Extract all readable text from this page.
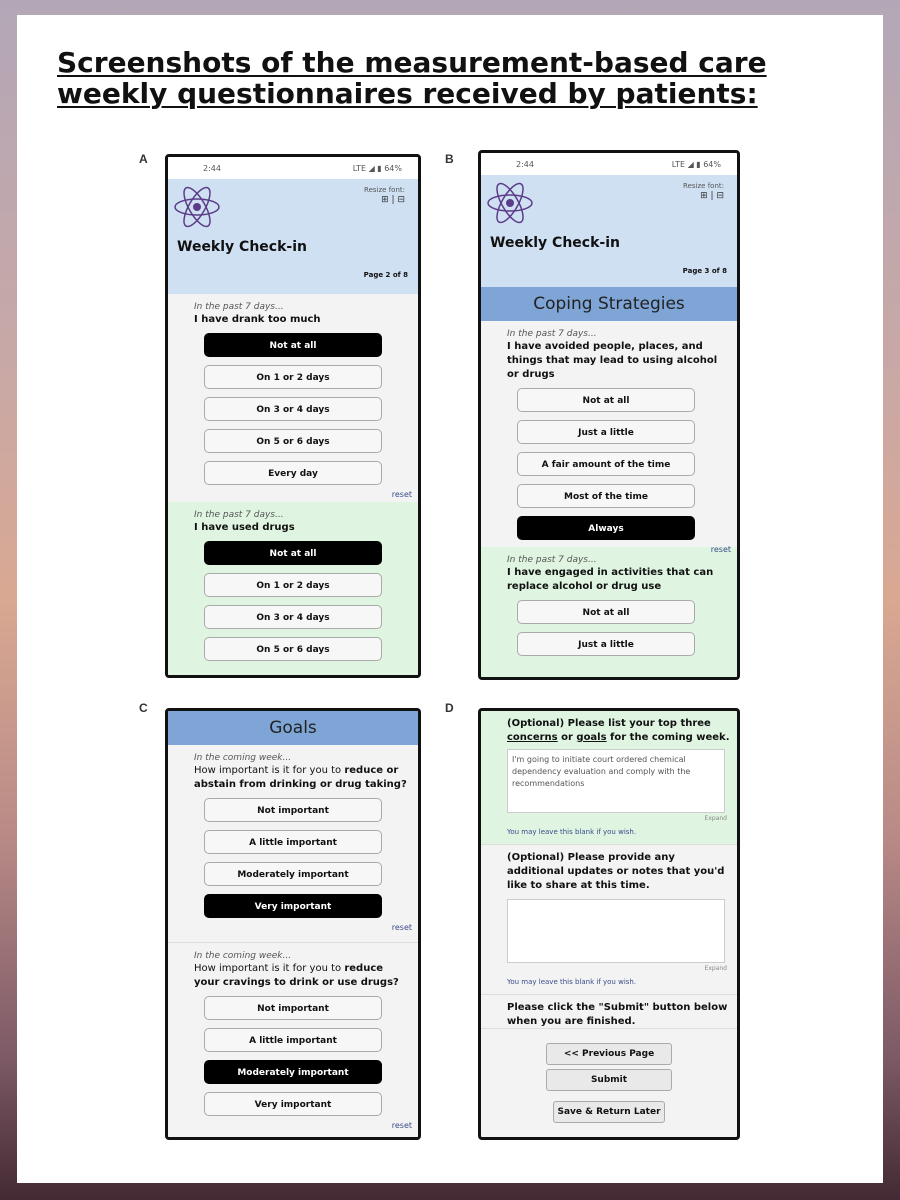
Screenshots of the measurement-based care weekly questionnaires received by patients:
A	B
C	D
2:44	LTE ◢ ▮ 64%
Resize font:
⊞ | ⊟
Weekly Check-in
Page 2 of 8
In the past 7 days...
I have drank too much
Not at all
On 1 or 2 days
On 3 or 4 days
On 5 or 6 days
Every day
reset
In the past 7 days...
I have used drugs
Not at all
On 1 or 2 days
On 3 or 4 days
On 5 or 6 days
2:44	LTE ◢ ▮ 64%
Resize font:
⊞ | ⊟
Weekly Check-in
Page 3 of 8
Coping Strategies
In the past 7 days...
I have avoided people, places, and things that may lead to using alcohol or drugs
Not at all
Just a little
A fair amount of the time
Most of the time
Always
reset
In the past 7 days...
I have engaged in activities that can replace alcohol or drug use
Not at all
Just a little
Goals
In the coming week...
How important is it for you to reduce or abstain from drinking or drug taking?
Not important
A little important
Moderately important
Very important
reset
In the coming week...
How important is it for you to reduce your cravings to drink or use drugs?
Not important
A little important
Moderately important
Very important
reset
(Optional) Please list your top three concerns or goals for the coming week.
I'm going to initiate court ordered chemical dependency evaluation and comply with the recommendations
Expand
You may leave this blank if you wish.
(Optional) Please provide any additional updates or notes that you'd like to share at this time.
Expand
You may leave this blank if you wish.
Please click the "Submit" button below when you are finished.
<< Previous Page
Submit
Save & Return Later
